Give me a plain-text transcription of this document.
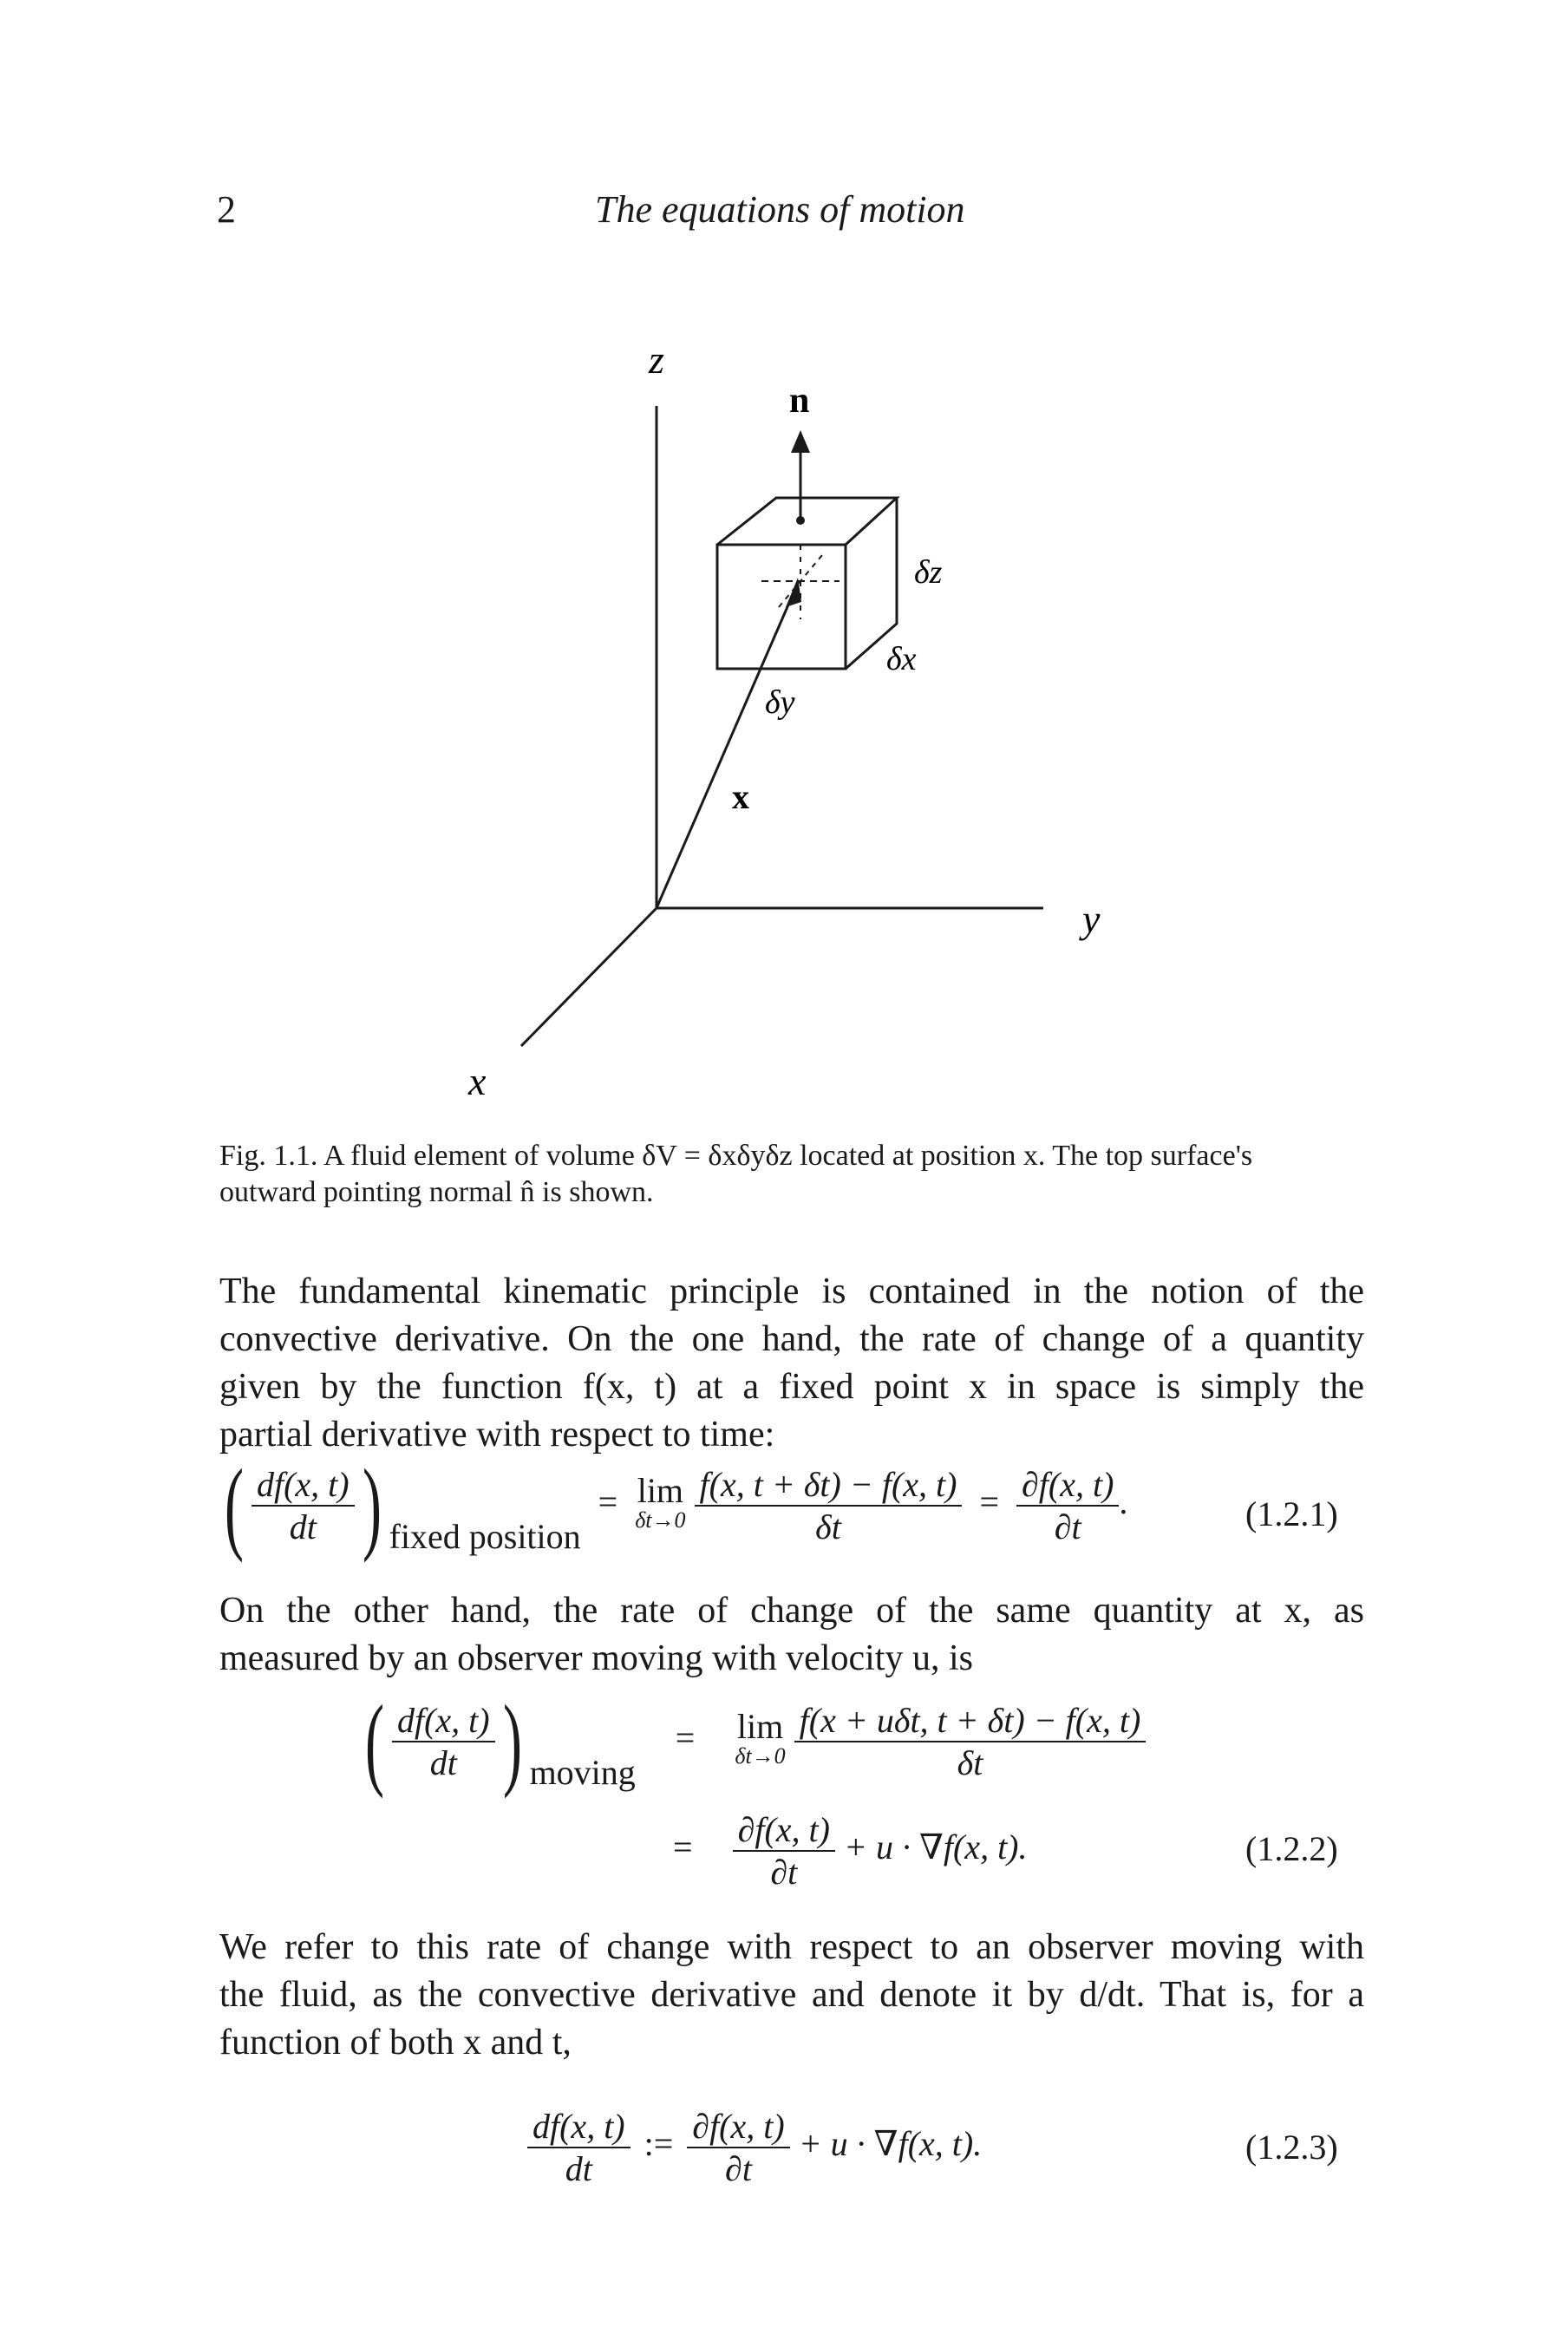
2	The equations of motion
z
y
x
n
δz
δx
δy
x
Fig. 1.1. A fluid element of volume δV = δxδyδz located at position x. The top surface's outward pointing normal n̂ is shown.
The fundamental kinematic principle is contained in the notion of the
convective derivative. On the one hand, the rate of change of a quantity
given by the function f(x, t) at a fixed point x in space is simply the
partial derivative with respect to time:
( $\frac{df(x, t)}{dt}$ ) fixed position = lim
δt→0
$\frac{f(x, t + \delta t) - f(x, t)}{\delta t} = \frac{\partial f(x, t)}{\partial t}$ .	(1.2.1)
On the other hand, the rate of change of the same quantity at x, as
measured by an observer moving with velocity u, is
( $\frac{df(x, t)}{dt}$ ) moving = lim
δt→0
$\frac{\text{f(x + uδt, t + δt) − f(x, t)}}{\delta t}$
= $\frac{\partial f(x, t)}{\partial t} + u \cdot \nabla f(x$, t).	(1.2.2)
We refer to this rate of change with respect to an observer moving with
the fluid, as the convective derivative and denote it by d/dt. That is, for a
function of both x and t,
$\frac{df(x, t)}{dt}$ := $\frac{\partial f(x, t)}{\partial t} + u \cdot \nabla f(x$, t).	(1.2.3)
